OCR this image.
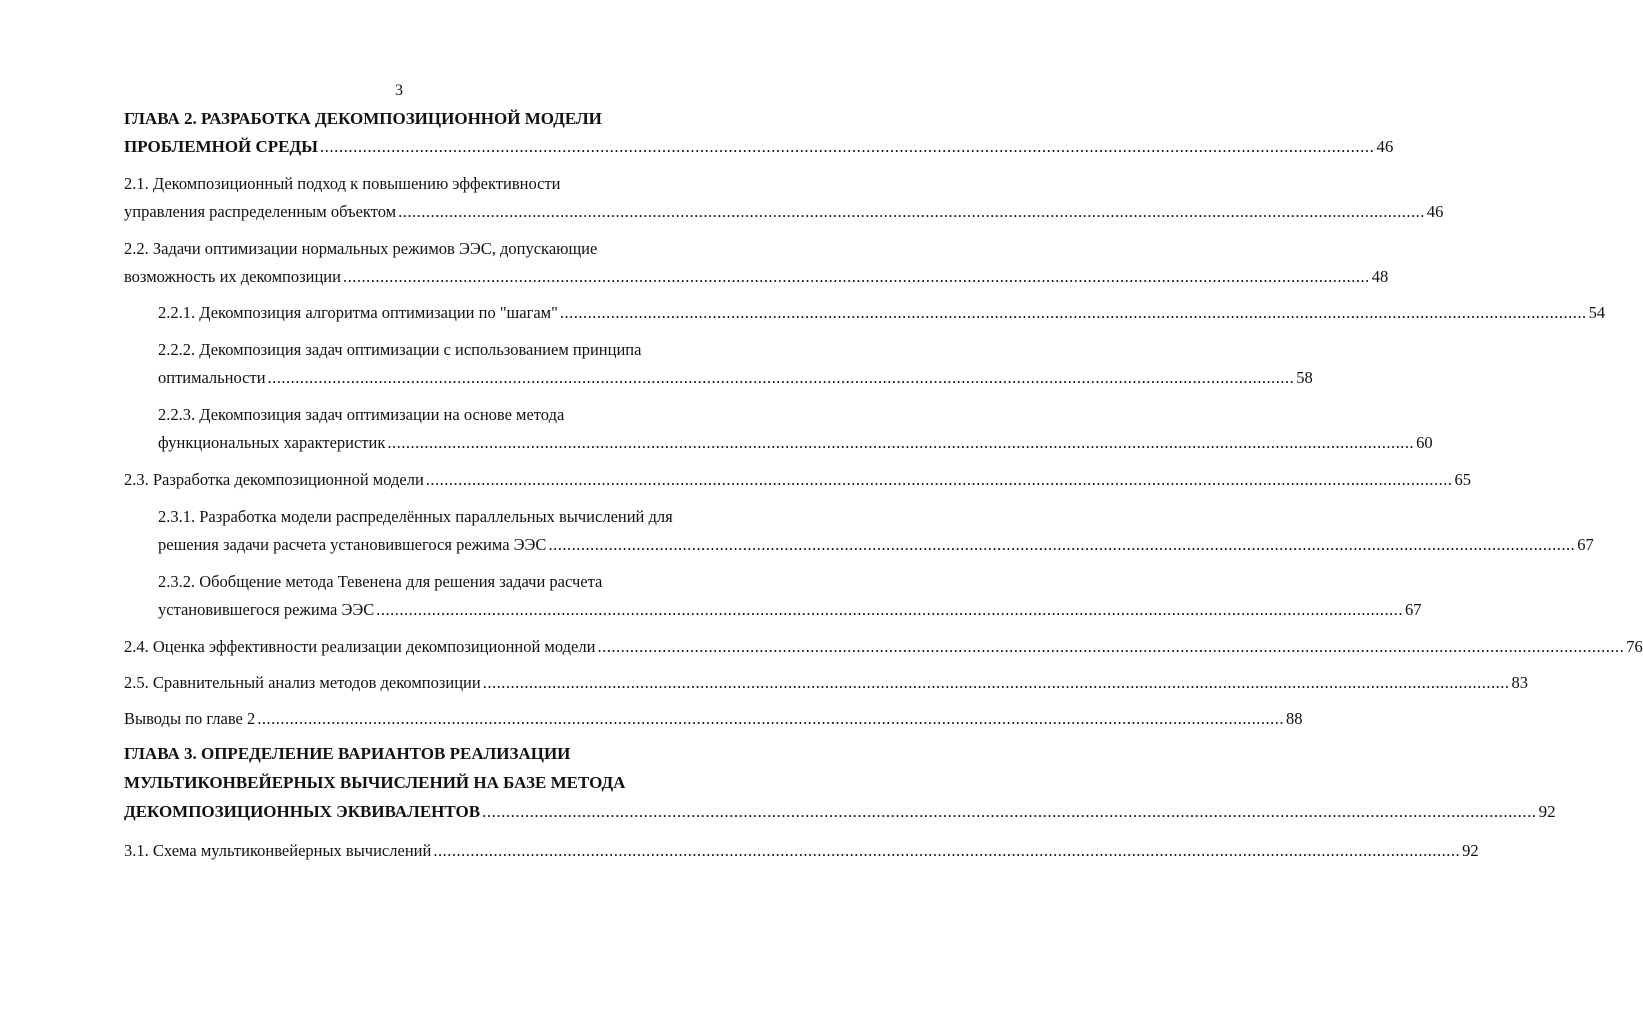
3
ГЛАВА 2. РАЗРАБОТКА ДЕКОМПОЗИЦИОННОЙ МОДЕЛИ
ПРОБЛЕМНОЙ СРЕДЫ .............................................................................................................................................................................................................................. 46
2.1. Декомпозиционный подход к повышению эффективности
управления распределенным объектом .............................................................................................................................................................................................................................. 46
2.2. Задачи оптимизации нормальных режимов ЭЭС, допускающие
возможность их декомпозиции .............................................................................................................................................................................................................................. 48
2.2.1. Декомпозиция алгоритма оптимизации по "шагам" .............................................................................................................................................................................................................................. 54
2.2.2. Декомпозиция задач оптимизации с использованием принципа
оптимальности .............................................................................................................................................................................................................................. 58
2.2.3. Декомпозиция задач оптимизации на основе метода
функциональных характеристик .............................................................................................................................................................................................................................. 60
2.3. Разработка декомпозиционной модели .............................................................................................................................................................................................................................. 65
2.3.1. Разработка модели распределённых параллельных вычислений для
решения задачи расчета установившегося режима ЭЭС .............................................................................................................................................................................................................................. 67
2.3.2. Обобщение метода Тевенена для решения задачи расчета
установившегося режима ЭЭС .............................................................................................................................................................................................................................. 67
2.4. Оценка эффективности реализации декомпозиционной модели .............................................................................................................................................................................................................................. 76
2.5. Сравнительный анализ методов декомпозиции .............................................................................................................................................................................................................................. 83
Выводы по главе 2 .............................................................................................................................................................................................................................. 88
ГЛАВА 3. ОПРЕДЕЛЕНИЕ ВАРИАНТОВ РЕАЛИЗАЦИИ
МУЛЬТИКОНВЕЙЕРНЫХ ВЫЧИСЛЕНИЙ НА БАЗЕ МЕТОДА
ДЕКОМПОЗИЦИОННЫХ ЭКВИВАЛЕНТОВ .............................................................................................................................................................................................................................. 92
3.1. Схема мультиконвейерных вычислений .............................................................................................................................................................................................................................. 92
